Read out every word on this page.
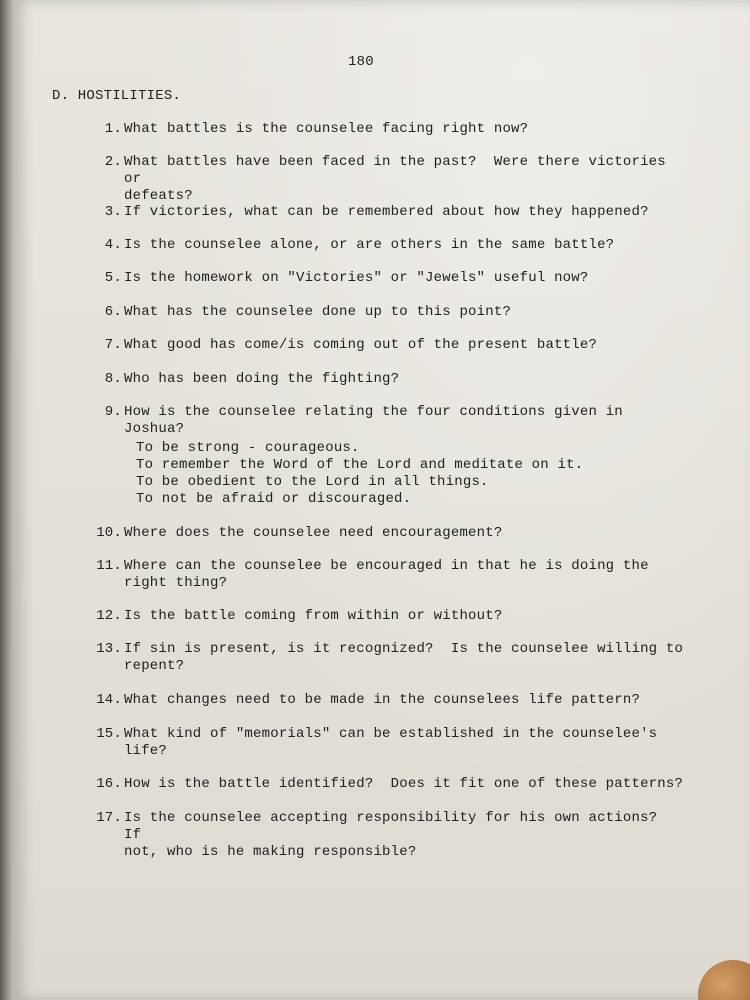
180
D. HOSTILITIES.
1. What battles is the counselee facing right now?
2. What battles have been faced in the past?  Were there victories or
defeats?
3. If victories, what can be remembered about how they happened?
4. Is the counselee alone, or are others in the same battle?
5. Is the homework on "Victories" or "Jewels" useful now?
6. What has the counselee done up to this point?
7. What good has come/is coming out of the present battle?
8. Who has been doing the fighting?
9. How is the counselee relating the four conditions given in Joshua?
To be strong - courageous.
To remember the Word of the Lord and meditate on it.
To be obedient to the Lord in all things.
To not be afraid or discouraged.
10. Where does the counselee need encouragement?
11. Where can the counselee be encouraged in that he is doing the
right thing?
12. Is the battle coming from within or without?
13. If sin is present, is it recognized?  Is the counselee willing to
repent?
14. What changes need to be made in the counselees life pattern?
15. What kind of "memorials" can be established in the counselee's
life?
16. How is the battle identified?  Does it fit one of these patterns?
17. Is the counselee accepting responsibility for his own actions?  If
not, who is he making responsible?
